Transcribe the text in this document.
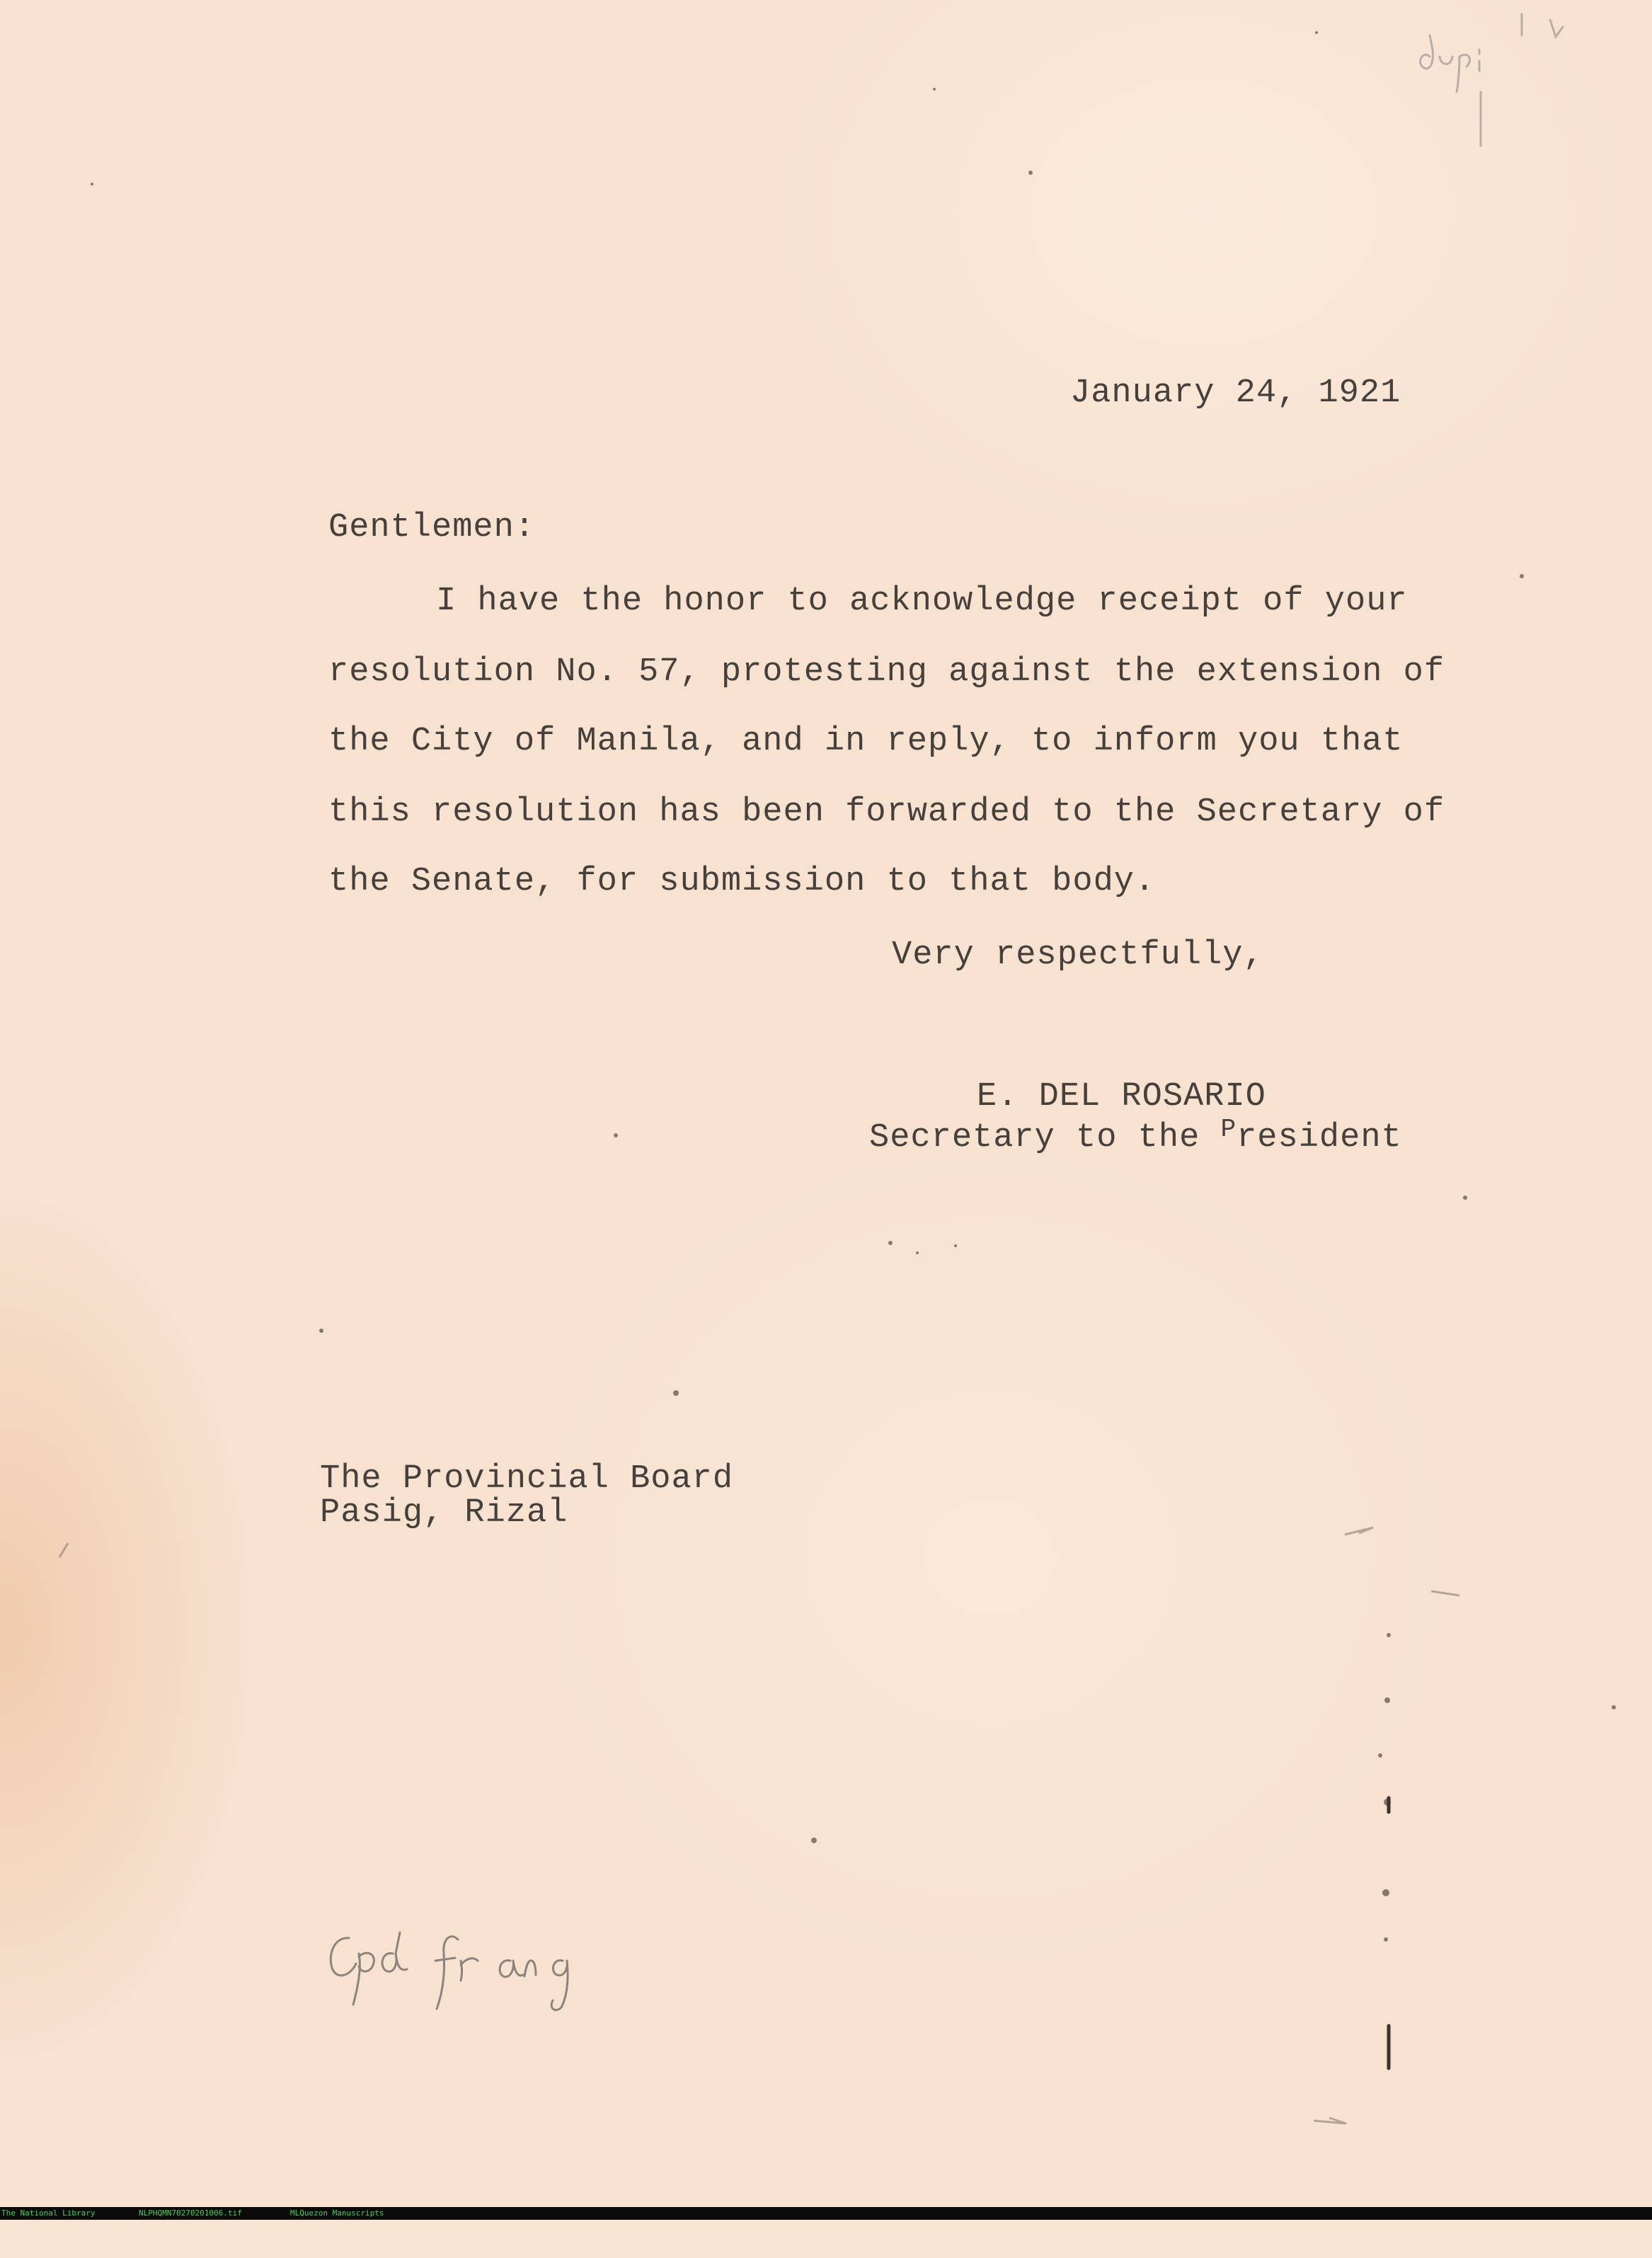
January 24, 1921
Gentlemen:
I have the honor to acknowledge receipt of your
resolution No. 57, protesting against the extension of
the City of Manila, and in reply, to inform you that
this resolution has been forwarded to the Secretary of
the Senate, for submission to that body.
Very respectfully,
E. DEL ROSARIO
Secretary to the $^P$resident
The Provincial Board
Pasig, Rizal

The National Library

	NLPHQMN70270201006.tif

	MLQuezon Manuscripts
